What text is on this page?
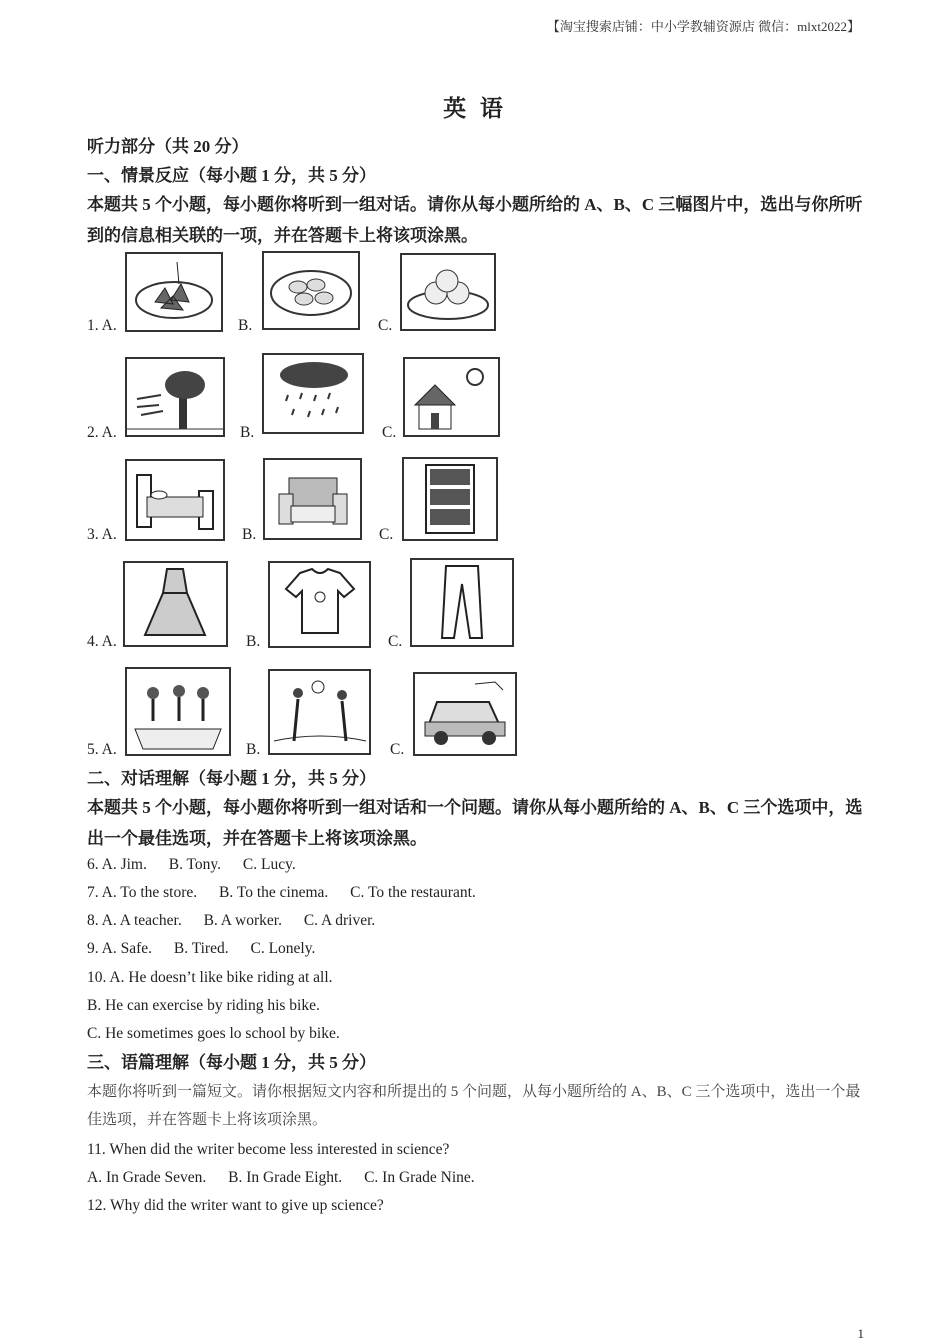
【淘宝搜索店铺：中小学教辅资源店 微信：mlxt2022】
英 语
听力部分（共 20 分）
一、情景反应（每小题 1 分，共 5 分）
本题共 5 个小题，每小题你将听到一组对话。请你从每小题所给的 A、B、C 三幅图片中，选出与你所听到的信息相关联的一项，并在答题卡上将该项涂黑。
1. A.	B.	C.
2. A.	B.	C.
3. A.	B.	C.
4. A.	B.	C.
5. A.	B.	C.
二、对话理解（每小题 1 分，共 5 分）
本题共 5 个小题，每小题你将听到一组对话和一个问题。请你从每小题所给的 A、B、C 三个选项中，选出一个最佳选项，并在答题卡上将该项涂黑。
6. A. Jim. B. Tony. C. Lucy.
7. A. To the store. B. To the cinema. C. To the restaurant.
8. A. A teacher. B. A worker. C. A driver.
9. A. Safe. B. Tired. C. Lonely.
10. A. He doesn’t like bike riding at all.
B. He can exercise by riding his bike.
C. He sometimes goes lo school by bike.
三、语篇理解（每小题 1 分，共 5 分）
本题你将听到一篇短文。请你根据短文内容和所提出的 5 个问题，从每小题所给的 A、B、C 三个选项中，选出一个最佳选项，并在答题卡上将该项涂黑。
11. When did the writer become less interested in science?
A. In Grade Seven. B. In Grade Eight. C. In Grade Nine.
12. Why did the writer want to give up science?
1
